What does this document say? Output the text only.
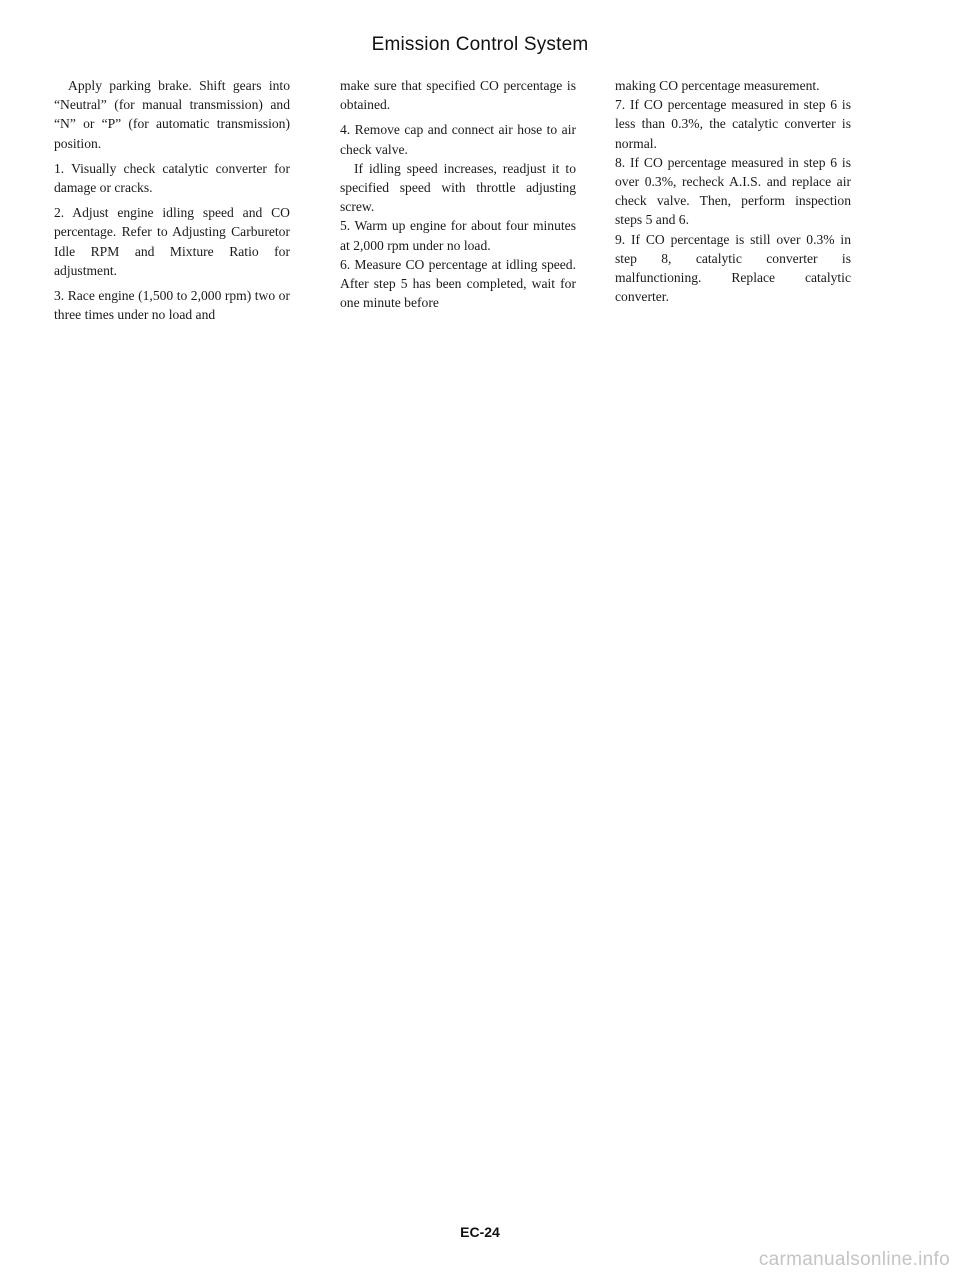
Emission Control System

Apply parking brake. Shift gears into “Neutral” (for manual transmission) and “N” or “P” (for automatic transmission) position.

1. Visually check catalytic converter for damage or cracks.

2. Adjust engine idling speed and CO percentage. Refer to Adjusting Carburetor Idle RPM and Mixture Ratio for adjustment.

3. Race engine (1,500 to 2,000 rpm) two or three times under no load and

make sure that specified CO percentage is obtained.

4. Remove cap and connect air hose to air check valve.

If idling speed increases, readjust it to specified speed with throttle adjusting screw.

5. Warm up engine for about four minutes at 2,000 rpm under no load.

6. Measure CO percentage at idling speed. After step 5 has been completed, wait for one minute before

making CO percentage measurement.

7. If CO percentage measured in step 6 is less than 0.3%, the catalytic converter is normal.

8. If CO percentage measured in step 6 is over 0.3%, recheck A.I.S. and replace air check valve. Then, perform inspection steps 5 and 6.

9. If CO percentage is still over 0.3% in step 8, catalytic converter is malfunctioning. Replace catalytic converter.

EC-24
carmanualsonline.info
